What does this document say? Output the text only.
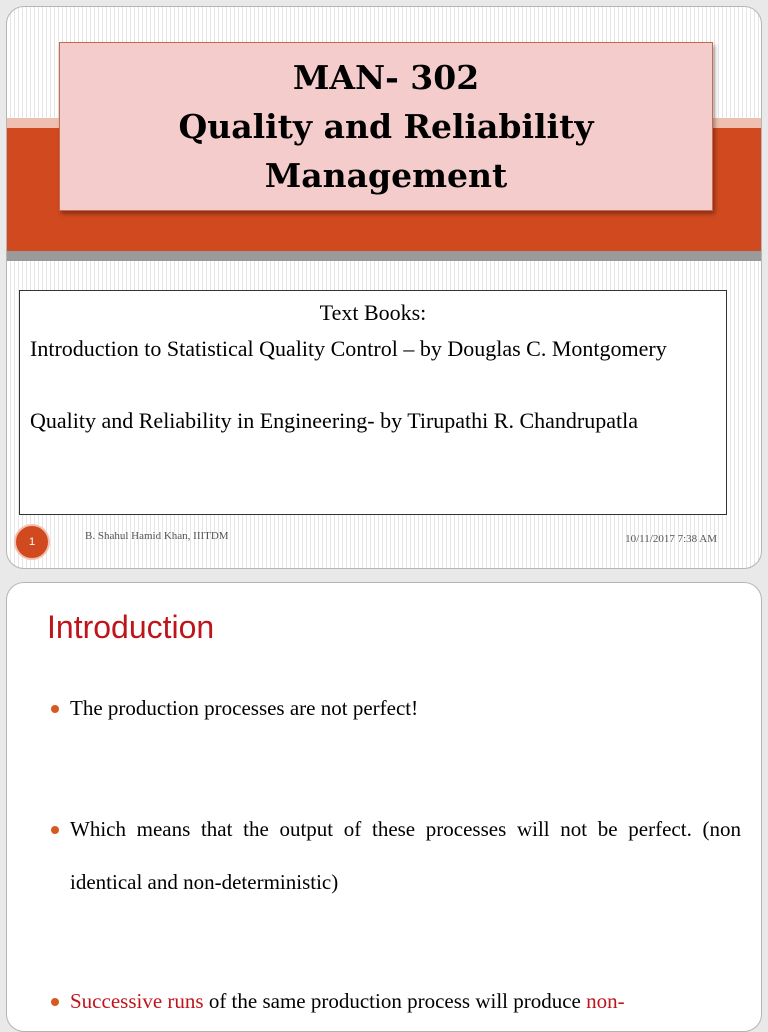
MAN- 302
Quality and Reliability
Management
Text Books:
Introduction to Statistical Quality Control – by Douglas C. Montgomery
Quality and Reliability in Engineering- by Tirupathi R. Chandrupatla
1	B. Shahul Hamid Khan, IIITDM	10/11/2017 7:38 AM
Introduction
The production processes are not perfect!
Which means that the output of these processes will not be perfect. (non identical and non-deterministic)
Successive runs of the same production process will produce non-
